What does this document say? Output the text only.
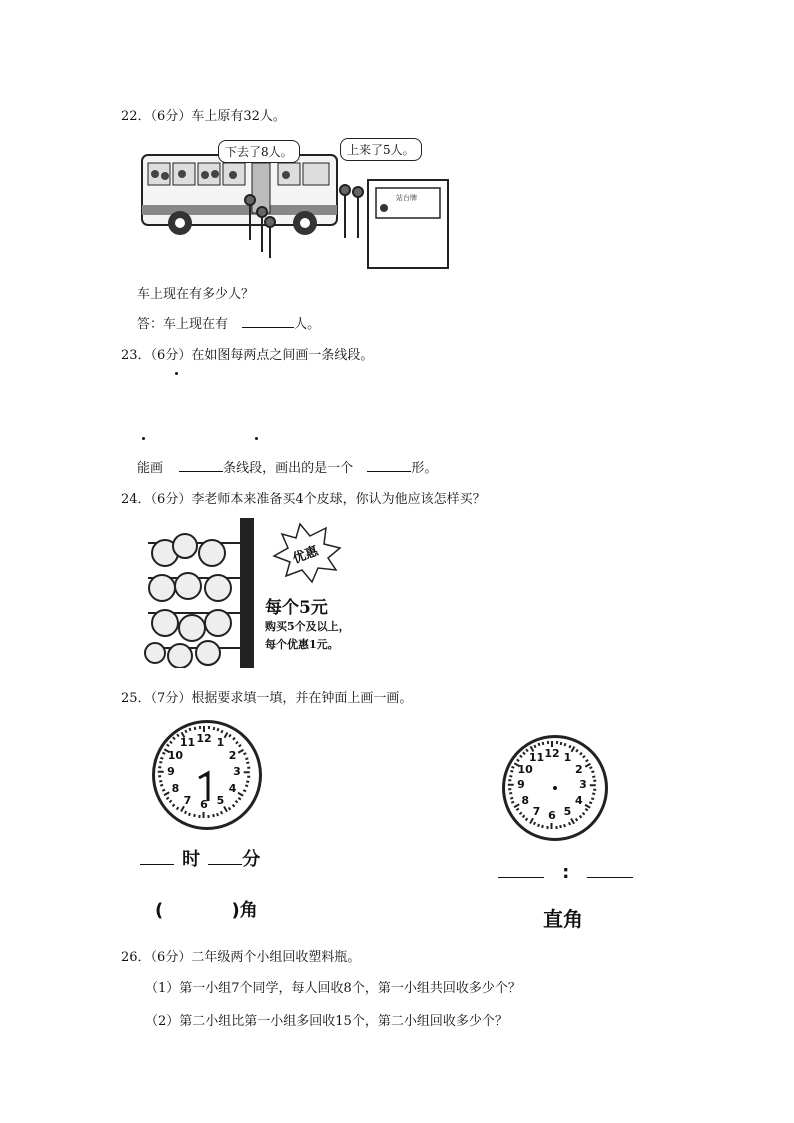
22．（6分）车上原有32人。
站台牌
下去了8人。	上来了5人。
车上现在有多少人？
答：车上现在有	人。
23．（6分）在如图每两点之间画一条线段。
能画	条线段，画出的是一个	形。
24．（6分）李老师本来准备买4个皮球，你认为他应该怎样买？
优惠
每个5元
购买5个及以上，
每个优惠1元。
25．（7分）根据要求填一填，并在钟面上画一画。
12 1
2
3
4
5
6
7
8
9
10
11
时 分
(	)角
12 1
2
3
4
5
6
7
8
9
10
11
:
直角
26．（6分）二年级两个小组回收塑料瓶。
（1）第一小组7个同学，每人回收8个，第一小组共回收多少个？
（2）第二小组比第一小组多回收15个，第二小组回收多少个？
